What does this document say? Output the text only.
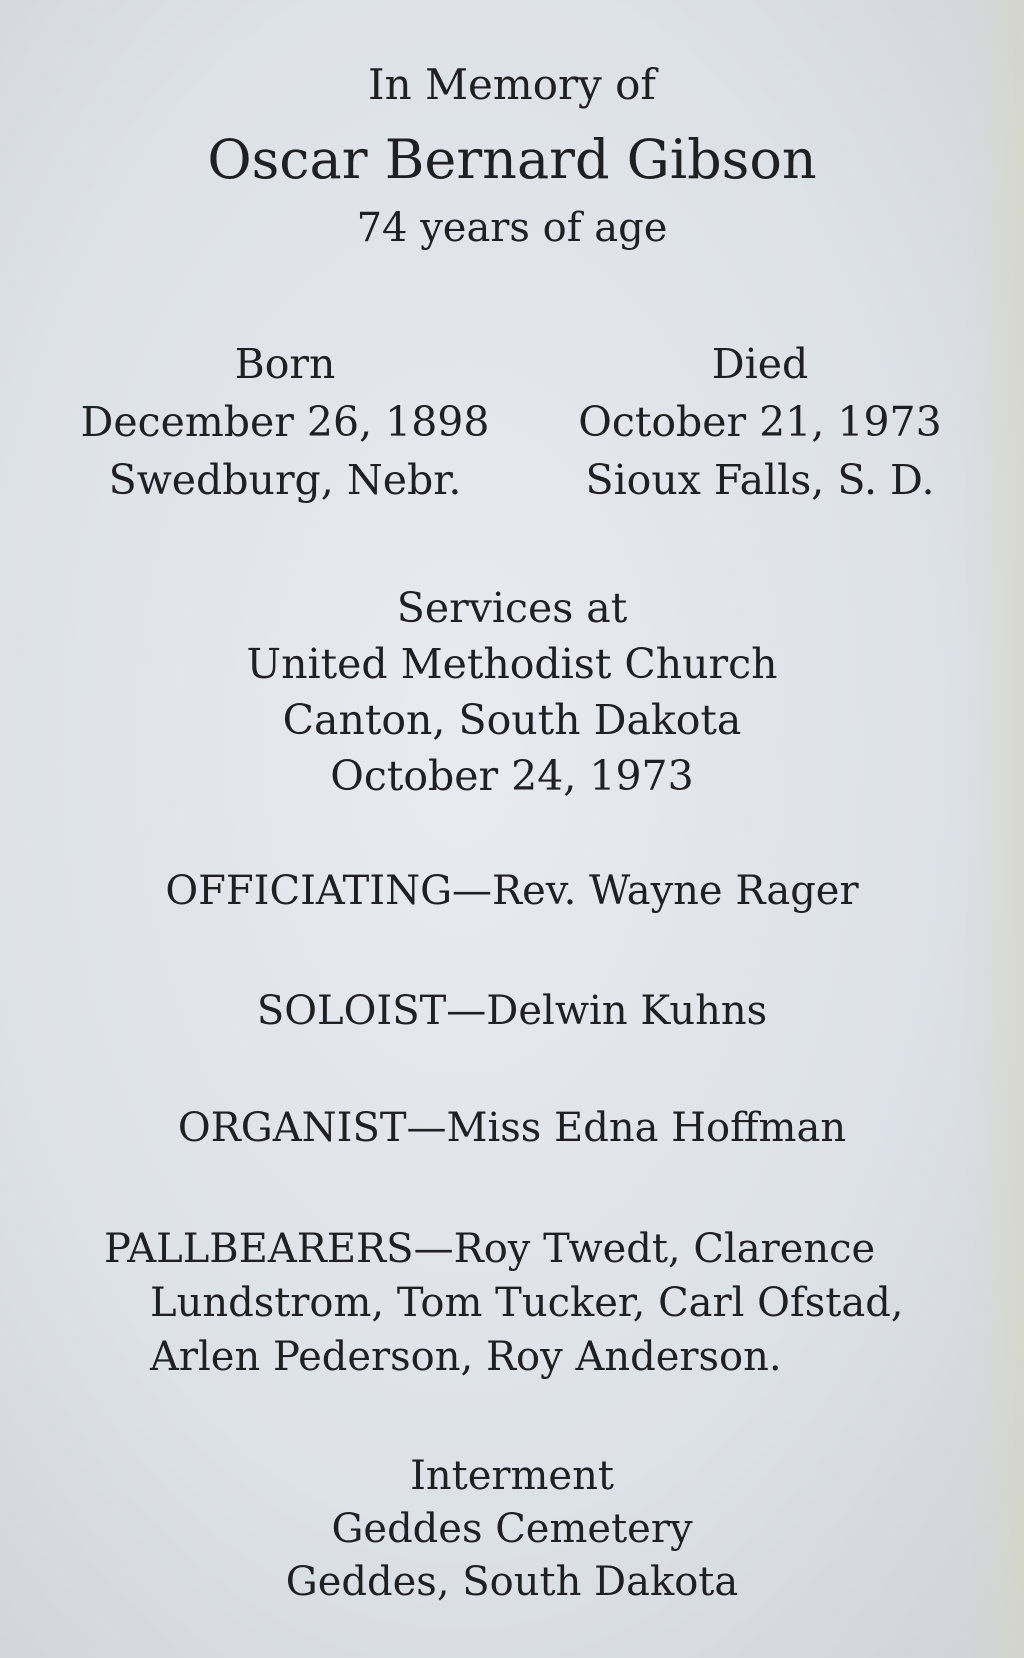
In Memory of
Oscar Bernard Gibson
74 years of age
Born
December 26, 1898
Swedburg, Nebr.
Died
October 21, 1973
Sioux Falls, S. D.
Services at
United Methodist Church
Canton, South Dakota
October 24, 1973
OFFICIATING—Rev. Wayne Rager
SOLOIST—Delwin Kuhns
ORGANIST—Miss Edna Hoffman
PALLBEARERS—Roy Twedt, Clarence
Lundstrom, Tom Tucker, Carl Ofstad,
Arlen Pederson, Roy Anderson.
Interment
Geddes Cemetery
Geddes, South Dakota
